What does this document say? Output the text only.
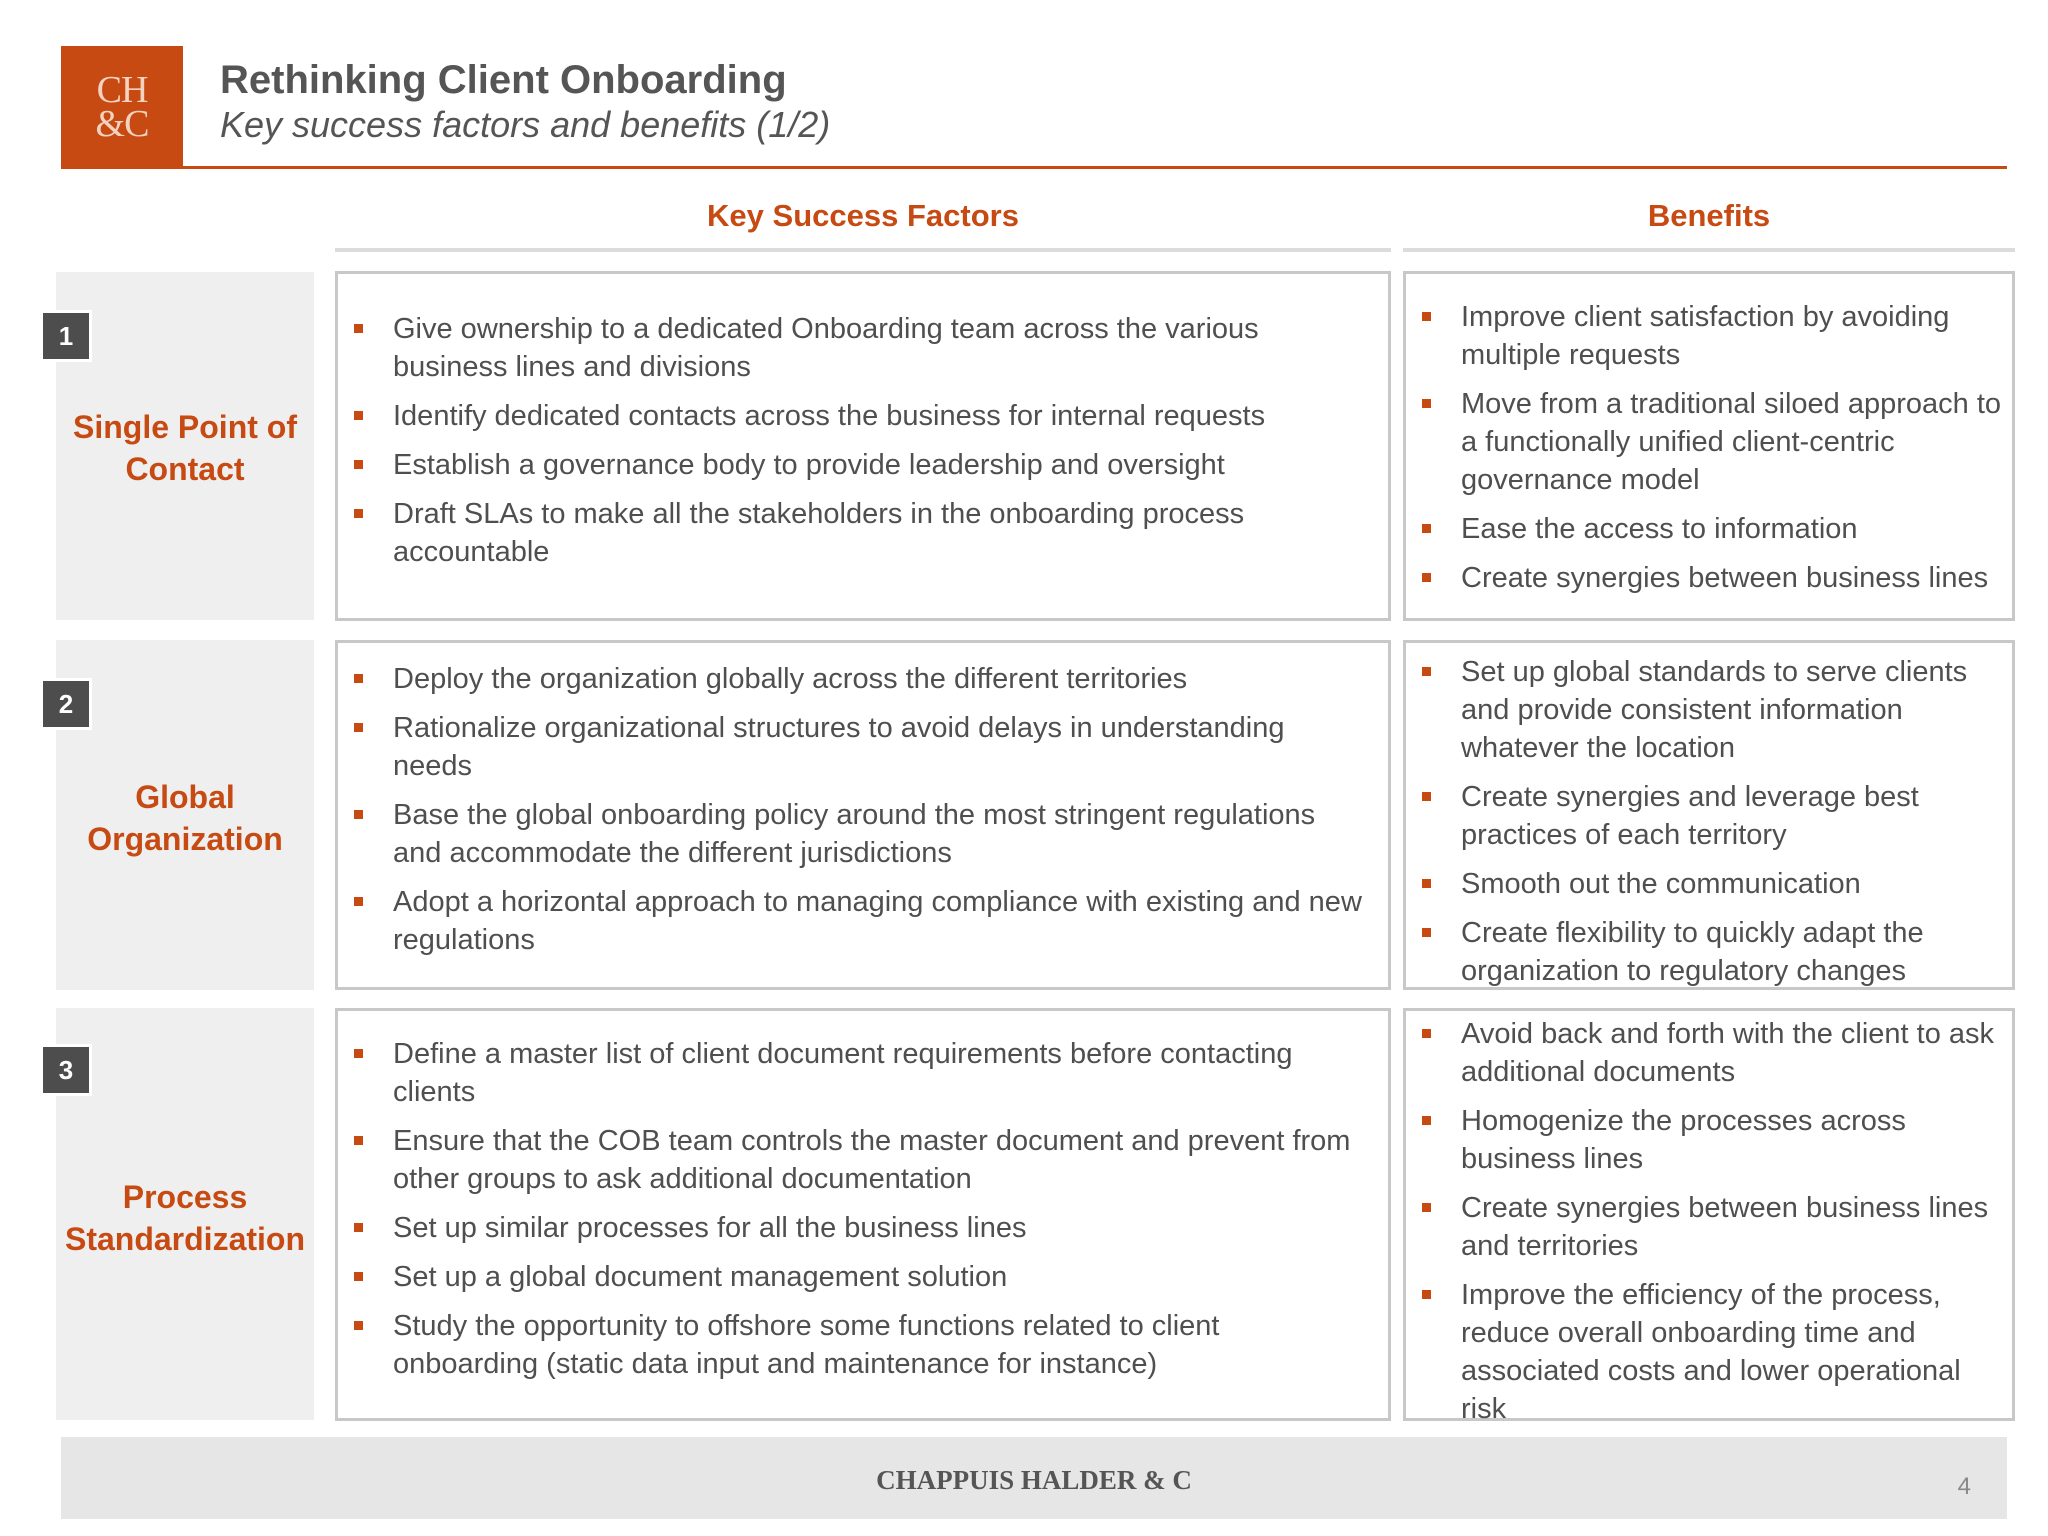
CH
&C
Rethinking Client Onboarding
Key success factors and benefits (1/2)
Key Success Factors	Benefits
1
Single Point of
Contact
Give ownership to a dedicated Onboarding team across the various business lines and divisions
Identify dedicated contacts across the business for internal requests
Establish a governance body to provide leadership and oversight
Draft SLAs to make all the stakeholders in the onboarding process accountable
Improve client satisfaction by avoiding multiple requests
Move from a traditional siloed approach to a functionally unified client-centric governance model
Ease the access to information
Create synergies between business lines
2
Global
Organization
Deploy the organization globally across the different territories
Rationalize organizational structures to avoid delays in understanding needs
Base the global onboarding policy around the most stringent regulations and accommodate the different jurisdictions
Adopt a horizontal approach to managing compliance with existing and new regulations
Set up global standards to serve clients and provide consistent information whatever the location
Create synergies and leverage best practices of each territory
Smooth out the communication
Create flexibility to quickly adapt the organization to regulatory changes
3
Process
Standardization
Define a master list of client document requirements before contacting clients
Ensure that the COB team controls the master document and prevent from other groups to ask additional documentation
Set up similar processes for all the business lines
Set up a global document management solution
Study the opportunity to offshore some functions related to client onboarding (static data input and maintenance for instance)
Avoid back and forth with the client to ask additional documents
Homogenize the processes across business lines
Create synergies between business lines and territories
Improve the efficiency of the process, reduce overall onboarding time and associated costs and lower operational risk
CHAPPUIS HALDER & C	4
